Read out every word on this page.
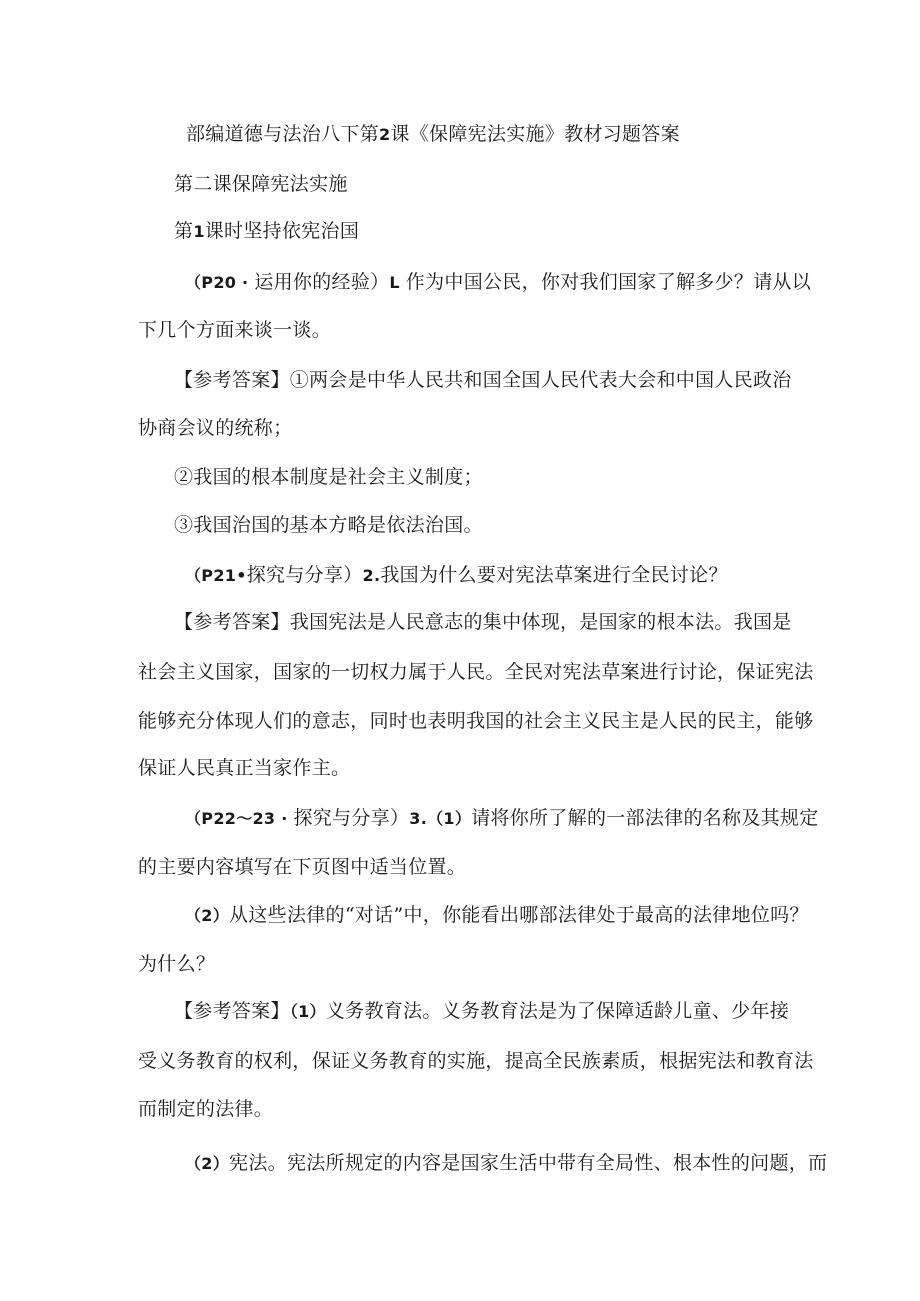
部编道德与法治八下第2课《保障宪法实施》教材习题答案
第二课保障宪法实施
第1课时坚持依宪治国
（P20 · 运用你的经验）L 作为中国公民，你对我们国家了解多少？请从以
下几个方面来谈一谈。
【参考答案】①两会是中华人民共和国全国人民代表大会和中国人民政治
协商会议的统称；
②我国的根本制度是社会主义制度；
③我国治国的基本方略是依法治国。
（P21•探究与分享）2.我国为什么要对宪法草案进行全民讨论？
【参考答案】我国宪法是人民意志的集中体现，是国家的根本法。我国是
社会主义国家，国家的一切权力属于人民。全民对宪法草案进行讨论，保证宪法
能够充分体现人们的意志，同时也表明我国的社会主义民主是人民的民主，能够
保证人民真正当家作主。
（P22～23 · 探究与分享）3.（1）请将你所了解的一部法律的名称及其规定
的主要内容填写在下页图中适当位置。
（2）从这些法律的“对话”中，你能看出哪部法律处于最高的法律地位吗？
为什么？
【参考答案】（1）义务教育法。义务教育法是为了保障适龄儿童、少年接
受义务教育的权利，保证义务教育的实施，提高全民族素质，根据宪法和教育法
而制定的法律。
（2）宪法。宪法所规定的内容是国家生活中带有全局性、根本性的问题，而
